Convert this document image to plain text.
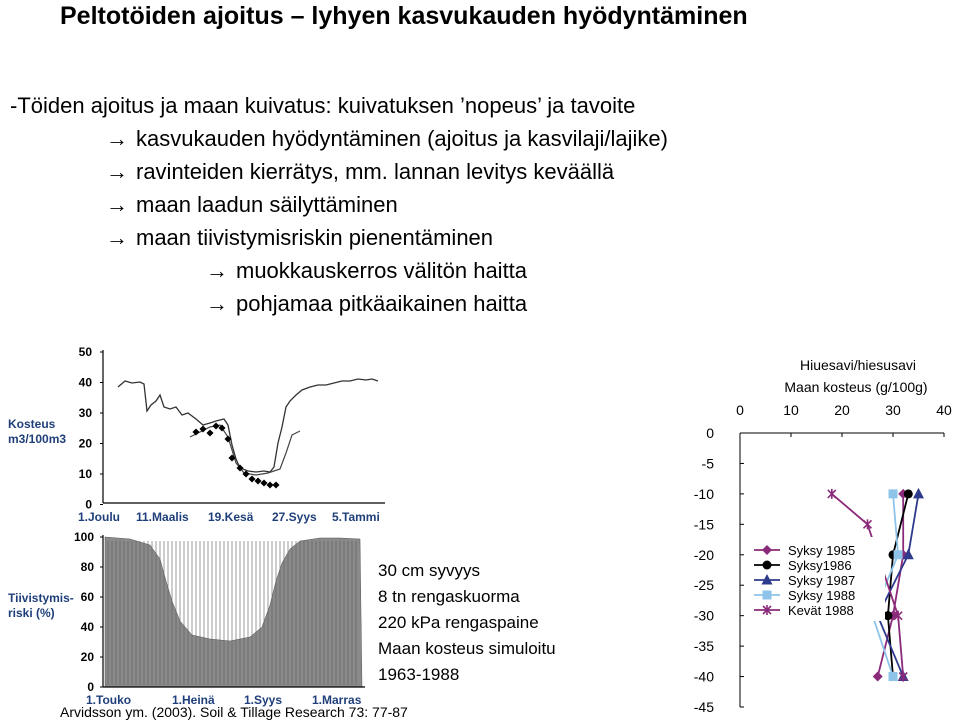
Peltotöiden ajoitus – lyhyen kasvukauden hyödyntäminen
-Töiden ajoitus ja maan kuivatus: kuivatuksen ’nopeus’ ja tavoite
→ kasvukauden hyödyntäminen (ajoitus ja kasvilaji/lajike)
→ ravinteiden kierrätys, mm. lannan levitys keväällä
→ maan laadun säilyttäminen
→ maan tiivistymisriskin pienentäminen
→ muokkauskerros välitön haitta
→ pohjamaa pitkäaikainen haitta
Kosteus
m3/100m3
50
40
30
20
10
0
1.Joulu 11.Maalis 19.Kesä 27.Syys 5.Tammi
Tiivistymis-
riski (%)
100
80
60
40
20
0
1.Touko	1.Heinä 1.Syys 1.Marras
30 cm syvyys
8 tn rengaskuorma
220 kPa rengaspaine
Maan kosteus simuloitu
1963-1988
Arvidsson ym. (2003). Soil & Tillage Research 73: 77-87
Hiuesavi/hiesusavi
Maan kosteus (g/100g)
0	10	20	30	40
0
-5
-10
-15
-20
-25
-30
-35
-40
-45
Syksy 1985
Syksy1986
Syksy 1987
Syksy 1988
Kevät 1988
